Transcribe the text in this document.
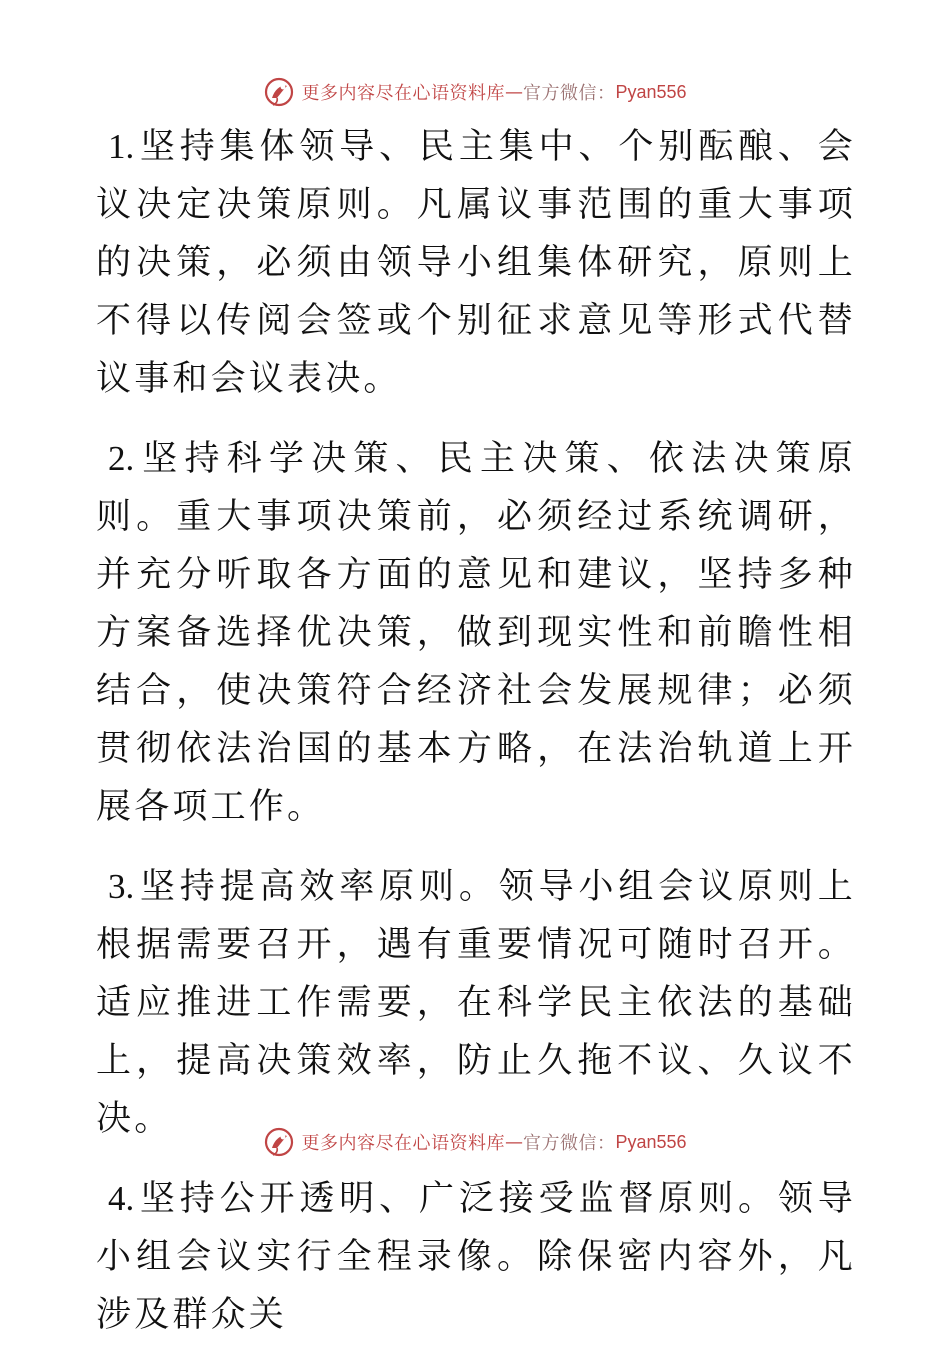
更多内容尽在心语资料库 — 官方微信： Pyan556

1. 坚持集体领导、民主集中、个别酝酿、会议决定决策原则。凡属议事范围的重大事项的决策，必须由领导小组集体研究，原则上不得以传阅会签或个别征求意见等形式代替议事和会议表决。

2. 坚持科学决策、民主决策、依法决策原则。重大事项决策前，必须经过系统调研，并充分听取各方面的意见和建议，坚持多种方案备选择优决策，做到现实性和前瞻性相结合，使决策符合经济社会发展规律；必须贯彻依法治国的基本方略，在法治轨道上开展各项工作。

3. 坚持提高效率原则。领导小组会议原则上根据需要召开，遇有重要情况可随时召开。适应推进工作需要，在科学民主依法的基础上，提高决策效率，防止久拖不议、久议不决。

4. 坚持公开透明、广泛接受监督原则。领导小组会议实行全程录像。除保密内容外，凡涉及群众关

更多内容尽在心语资料库 — 官方微信： Pyan556
